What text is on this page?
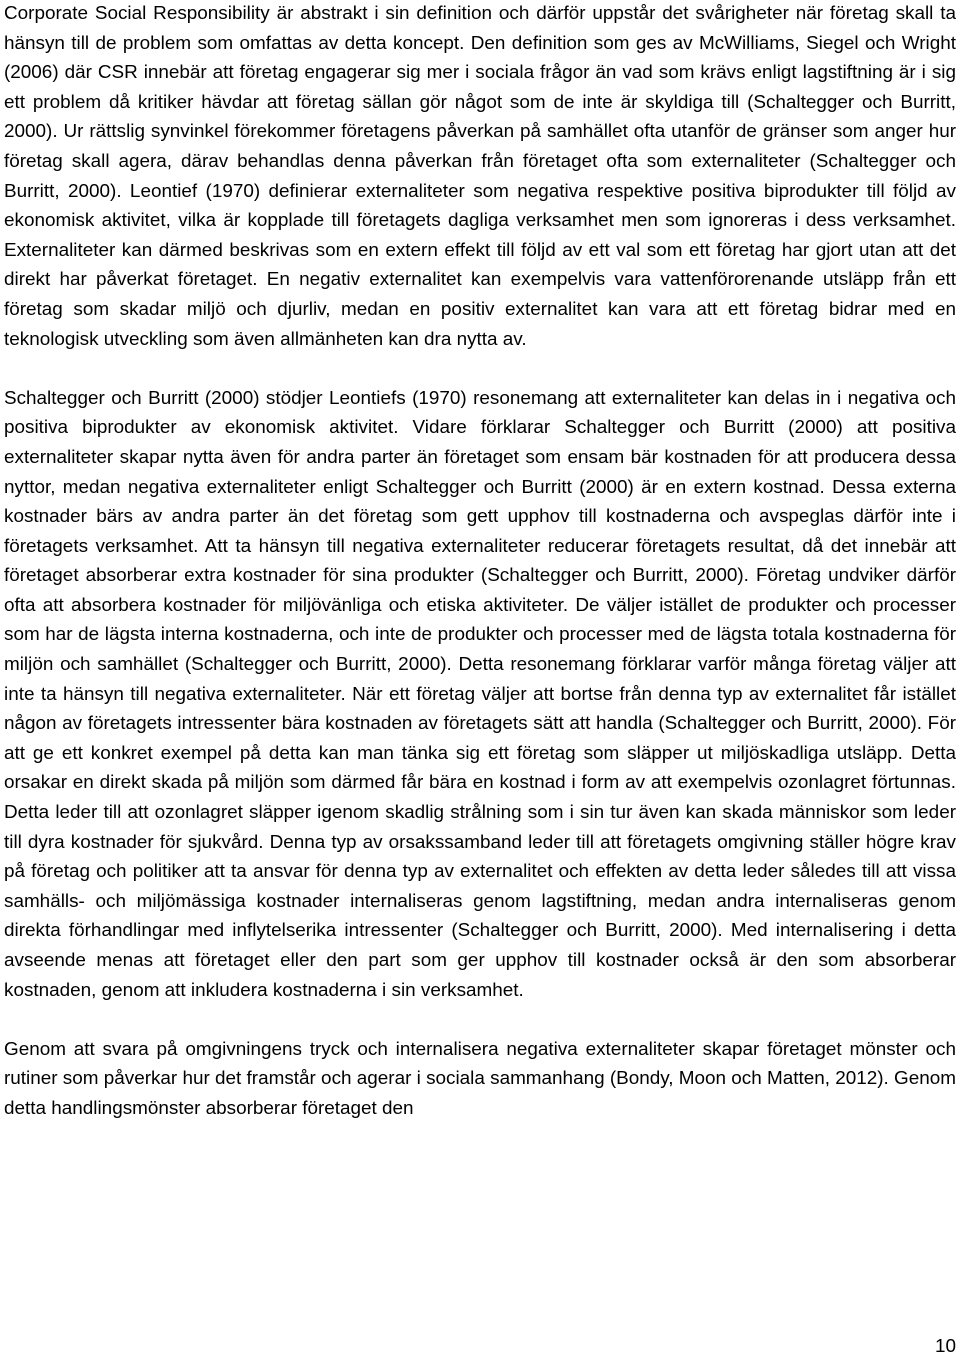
Corporate Social Responsibility är abstrakt i sin definition och därför uppstår det svårigheter när företag skall ta hänsyn till de problem som omfattas av detta koncept. Den definition som ges av McWilliams, Siegel och Wright (2006) där CSR innebär att företag engagerar sig mer i sociala frågor än vad som krävs enligt lagstiftning är i sig ett problem då kritiker hävdar att företag sällan gör något som de inte är skyldiga till (Schaltegger och Burritt, 2000). Ur rättslig synvinkel förekommer företagens påverkan på samhället ofta utanför de gränser som anger hur företag skall agera, därav behandlas denna påverkan från företaget ofta som externaliteter (Schaltegger och Burritt, 2000). Leontief (1970) definierar externaliteter som negativa respektive positiva biprodukter till följd av ekonomisk aktivitet, vilka är kopplade till företagets dagliga verksamhet men som ignoreras i dess verksamhet. Externaliteter kan därmed beskrivas som en extern effekt till följd av ett val som ett företag har gjort utan att det direkt har påverkat företaget. En negativ externalitet kan exempelvis vara vattenförorenande utsläpp från ett företag som skadar miljö och djurliv, medan en positiv externalitet kan vara att ett företag bidrar med en teknologisk utveckling som även allmänheten kan dra nytta av.

Schaltegger och Burritt (2000) stödjer Leontiefs (1970) resonemang att externaliteter kan delas in i negativa och positiva biprodukter av ekonomisk aktivitet. Vidare förklarar Schaltegger och Burritt (2000) att positiva externaliteter skapar nytta även för andra parter än företaget som ensam bär kostnaden för att producera dessa nyttor, medan negativa externaliteter enligt Schaltegger och Burritt (2000) är en extern kostnad. Dessa externa kostnader bärs av andra parter än det företag som gett upphov till kostnaderna och avspeglas därför inte i företagets verksamhet. Att ta hänsyn till negativa externaliteter reducerar företagets resultat, då det innebär att företaget absorberar extra kostnader för sina produkter (Schaltegger och Burritt, 2000). Företag undviker därför ofta att absorbera kostnader för miljövänliga och etiska aktiviteter. De väljer istället de produkter och processer som har de lägsta interna kostnaderna, och inte de produkter och processer med de lägsta totala kostnaderna för miljön och samhället (Schaltegger och Burritt, 2000). Detta resonemang förklarar varför många företag väljer att inte ta hänsyn till negativa externaliteter. När ett företag väljer att bortse från denna typ av externalitet får istället någon av företagets intressenter bära kostnaden av företagets sätt att handla (Schaltegger och Burritt, 2000). För att ge ett konkret exempel på detta kan man tänka sig ett företag som släpper ut miljöskadliga utsläpp. Detta orsakar en direkt skada på miljön som därmed får bära en kostnad i form av att exempelvis ozonlagret förtunnas. Detta leder till att ozonlagret släpper igenom skadlig strålning som i sin tur även kan skada människor som leder till dyra kostnader för sjukvård. Denna typ av orsakssamband leder till att företagets omgivning ställer högre krav på företag och politiker att ta ansvar för denna typ av externalitet och effekten av detta leder således till att vissa samhälls- och miljömässiga kostnader internaliseras genom lagstiftning, medan andra internaliseras genom direkta förhandlingar med inflytelserika intressenter (Schaltegger och Burritt, 2000). Med internalisering i detta avseende menas att företaget eller den part som ger upphov till kostnader också är den som absorberar kostnaden, genom att inkludera kostnaderna i sin verksamhet.

Genom att svara på omgivningens tryck och internalisera negativa externaliteter skapar företaget mönster och rutiner som påverkar hur det framstår och agerar i sociala sammanhang (Bondy, Moon och Matten, 2012). Genom detta handlingsmönster absorberar företaget den

10
